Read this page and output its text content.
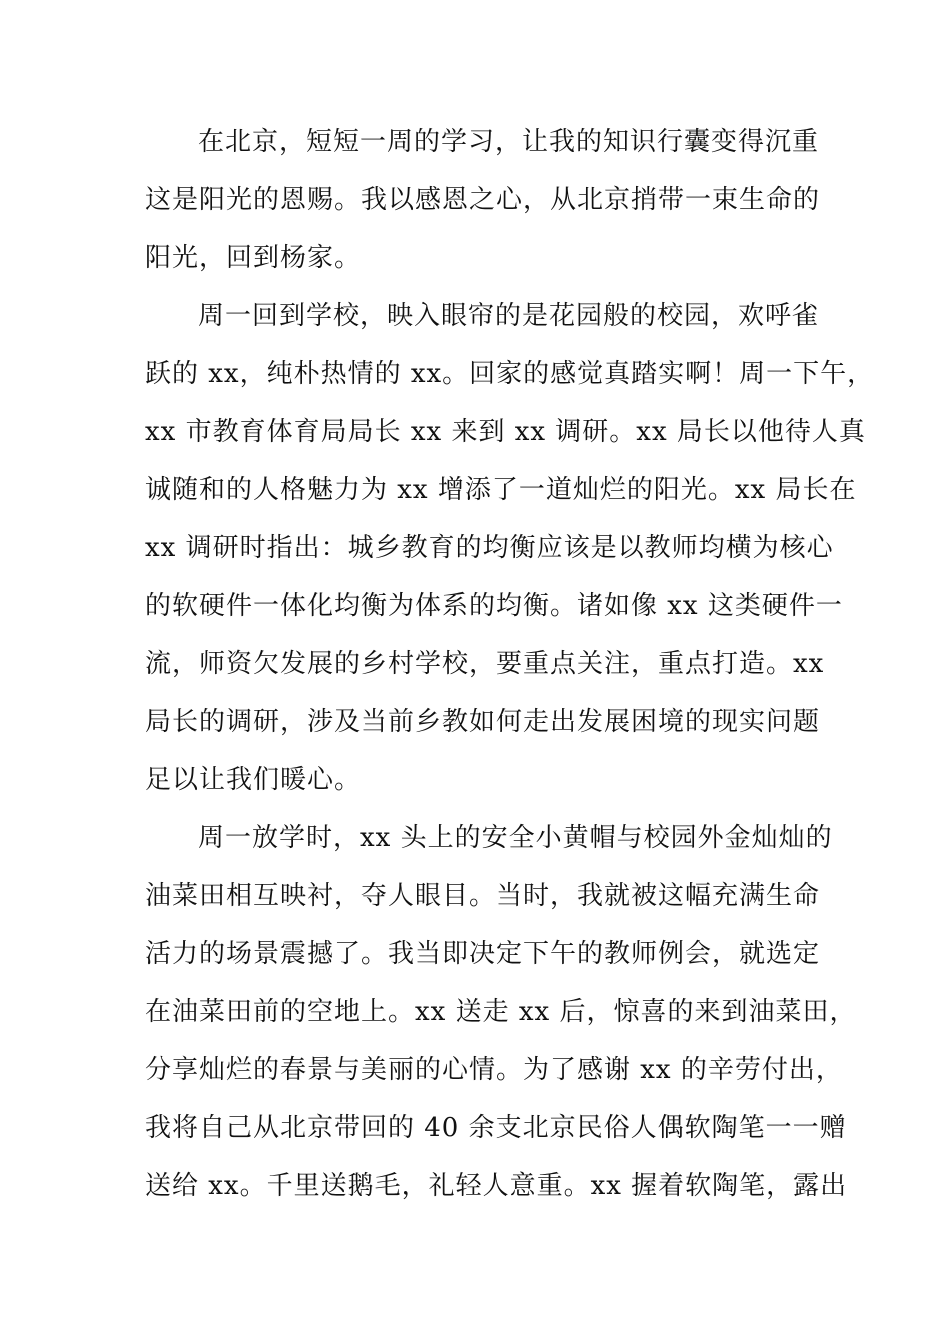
在北京，短短一周的学习，让我的知识行囊变得沉重
这是阳光的恩赐。我以感恩之心，从北京捎带一束生命的
阳光，回到杨家。
周一回到学校，映入眼帘的是花园般的校园，欢呼雀
跃的 xx，纯朴热情的 xx。回家的感觉真踏实啊！周一下午，
xx 市教育体育局局长 xx 来到 xx 调研。xx 局长以他待人真
诚随和的人格魅力为 xx 增添了一道灿烂的阳光。xx 局长在
xx 调研时指出：城乡教育的均衡应该是以教师均横为核心
的软硬件一体化均衡为体系的均衡。诸如像 xx 这类硬件一
流，师资欠发展的乡村学校，要重点关注，重点打造。xx
局长的调研，涉及当前乡教如何走出发展困境的现实问题
足以让我们暖心。
周一放学时，xx 头上的安全小黄帽与校园外金灿灿的
油菜田相互映衬，夺人眼目。当时，我就被这幅充满生命
活力的场景震撼了。我当即决定下午的教师例会，就选定
在油菜田前的空地上。xx 送走 xx 后，惊喜的来到油菜田，
分享灿烂的春景与美丽的心情。为了感谢 xx 的辛劳付出，
我将自己从北京带回的 40 余支北京民俗人偶软陶笔一一赠
送给 xx。千里送鹅毛，礼轻人意重。xx 握着软陶笔，露出
